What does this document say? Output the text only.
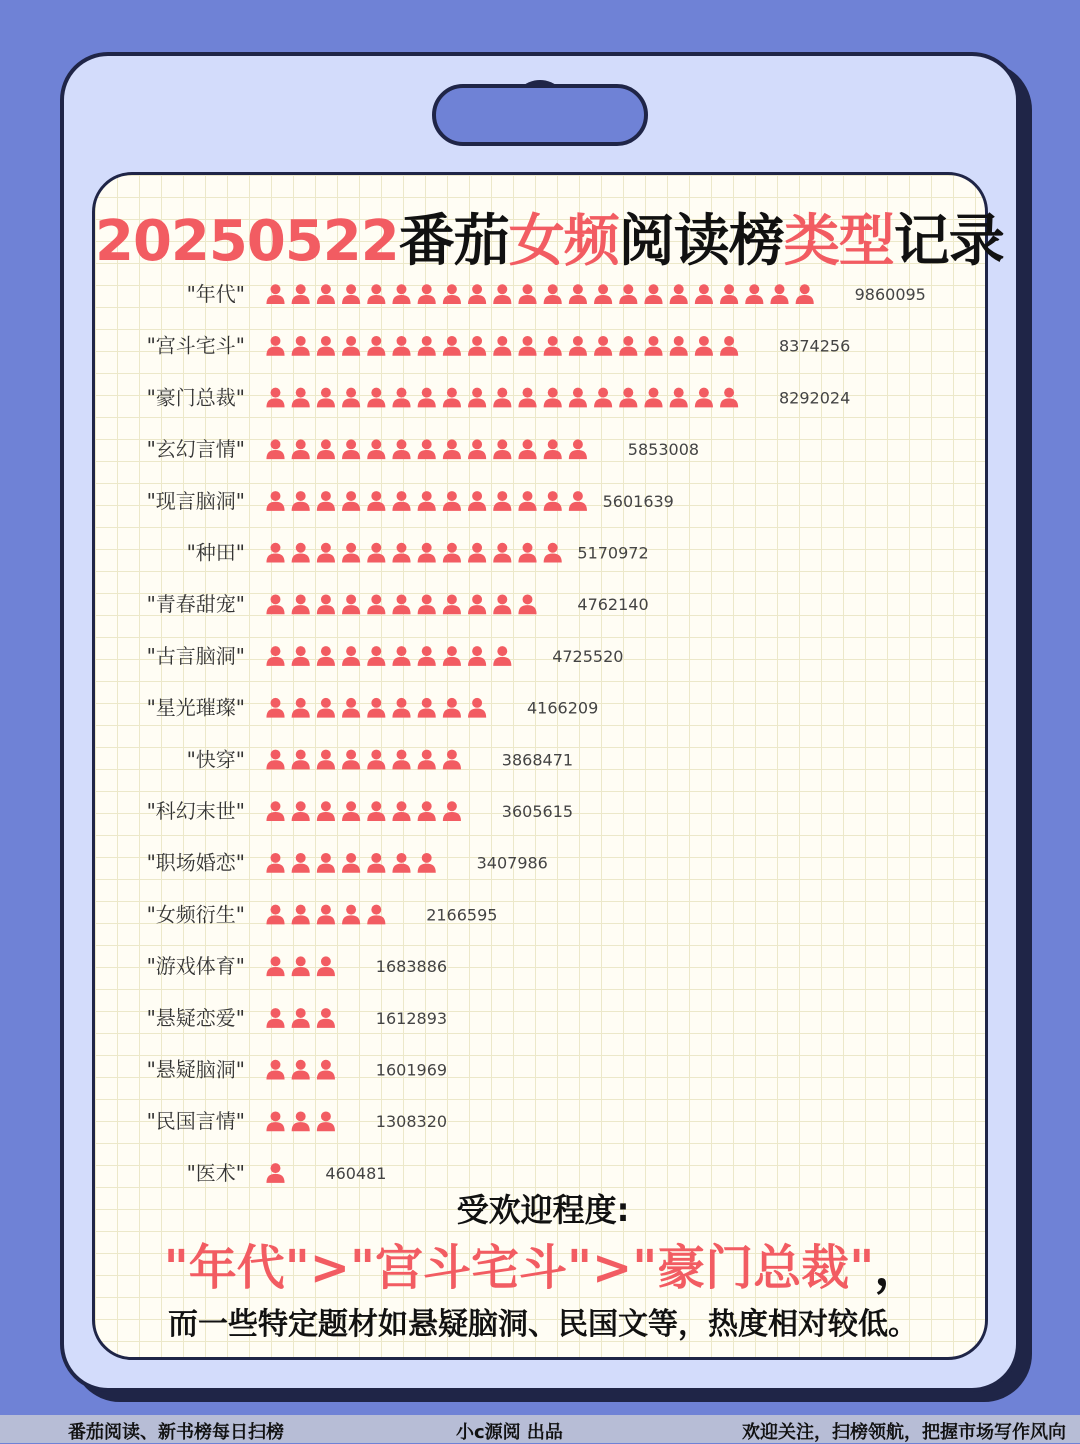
20250522番茄女频阅读榜类型记录
"年代"	9860095
"宫斗宅斗"	8374256
"豪门总裁"	8292024
"玄幻言情"	5853008
"现言脑洞"	5601639
"种田"	5170972
"青春甜宠"	4762140
"古言脑洞"	4725520
"星光璀璨"	4166209
"快穿"	3868471
"科幻末世"	3605615
"职场婚恋"	3407986
"女频衍生"	2166595
"游戏体育"	1683886
"悬疑恋爱"	1612893
"悬疑脑洞"	1601969
"民国言情"	1308320
"医术"	460481
受欢迎程度:
"年代">"宫斗宅斗">"豪门总裁"，
而一些特定题材如悬疑脑洞、民国文等，热度相对较低。
番茄阅读、新书榜每日扫榜	小c源阅 出品	欢迎关注，扫榜领航，把握市场写作风向
